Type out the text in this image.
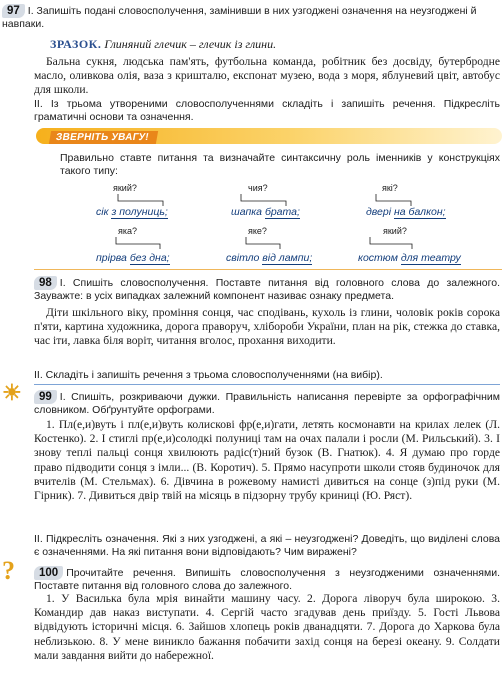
97 I. Запишіть подані словосполучення, замінивши в них узгоджені означення на неузгоджені й навпаки.
ЗРАЗОК. Глиняний глечик – глечик із глини.
Бальна сукня, людська пам'ять, футбольна команда, робітник без досвіду, бутербродне масло, оливкова олія, ваза з кришталю, експонат музею, вода з моря, яблуневий цвіт, автобус для школи.
II. Із трьома утвореними словосполученнями складіть і запишіть речення. Підкресліть граматичні основи та означення.
ЗВЕРНІТЬ УВАГУ!
Правильно ставте питання та визначайте синтаксичну роль іменників у конструкціях такого типу:
який?	чия?	які?
сік з полуниць;	шапка брата;	двері на балкон;
яка?	яке?	який?
прірва без дна;	світло від лампи;	костюм для театру
98 I. Спишіть словосполучення. Поставте питання від головного слова до залежного. Зауважте: в усіх випадках залежний компонент називає ознаку предмета.
Діти шкільного віку, проміння сонця, час сподівань, кухоль із глини, чоловік років сорока п'яти, картина художника, дорога праворуч, хлібороби України, план на рік, стежка до ставка, час іти, лавка біля воріт, читання вголос, прохання виходити.
II. Складіть і запишіть речення з трьома словосполученнями (на вибір).
☀	99 I. Спишіть, розкриваючи дужки. Правильність написання перевірте за орфографічним словником. Обґрунтуйте орфограми.
1. Пл(е,и)вуть і пл(е,и)вуть колискові фр(е,и)гати, летять космонавти на крилах лелек (Л. Костенко). 2. І стиглі пр(е,и)солодкі полуниці там на очах палали і росли (М. Рильський). 3. І знову теплі пальці сонця хвилюють радіс(т)ний бузок (В. Гнатюк). 4. Я думаю про горде право підводити сонця з імли... (В. Коротич). 5. Прямо насупроти школи стояв будиночок для вчителів (М. Стельмах). 6. Дівчина в рожевому намисті дивиться на сонце (з)під руки (М. Гірник). 7. Дивиться двір твій на місяць в підзорну трубу криниці (Ю. Ряст).
II. Підкресліть означення. Які з них узгоджені, а які – неузгоджені? Доведіть, що виділені слова є означеннями. На які питання вони відповідають? Чим виражені?
?	100 Прочитайте речення. Випишіть словосполучення з неузгодженими означеннями. Поставте питання від головного слова до залежного.
1. У Василька була мрія винайти машину часу. 2. Дорога ліворуч була широкою. 3. Командир дав наказ виступати. 4. Сергій часто згадував день приїзду. 5. Гості Львова відвідують історичні місця. 6. Зайшов хлопець років дванадцяти. 7. Дорога до Харкова була неблизькою. 8. У мене виникло бажання побачити захід сонця на березі океану. 9. Солдати мали завдання вийти до набережної.
